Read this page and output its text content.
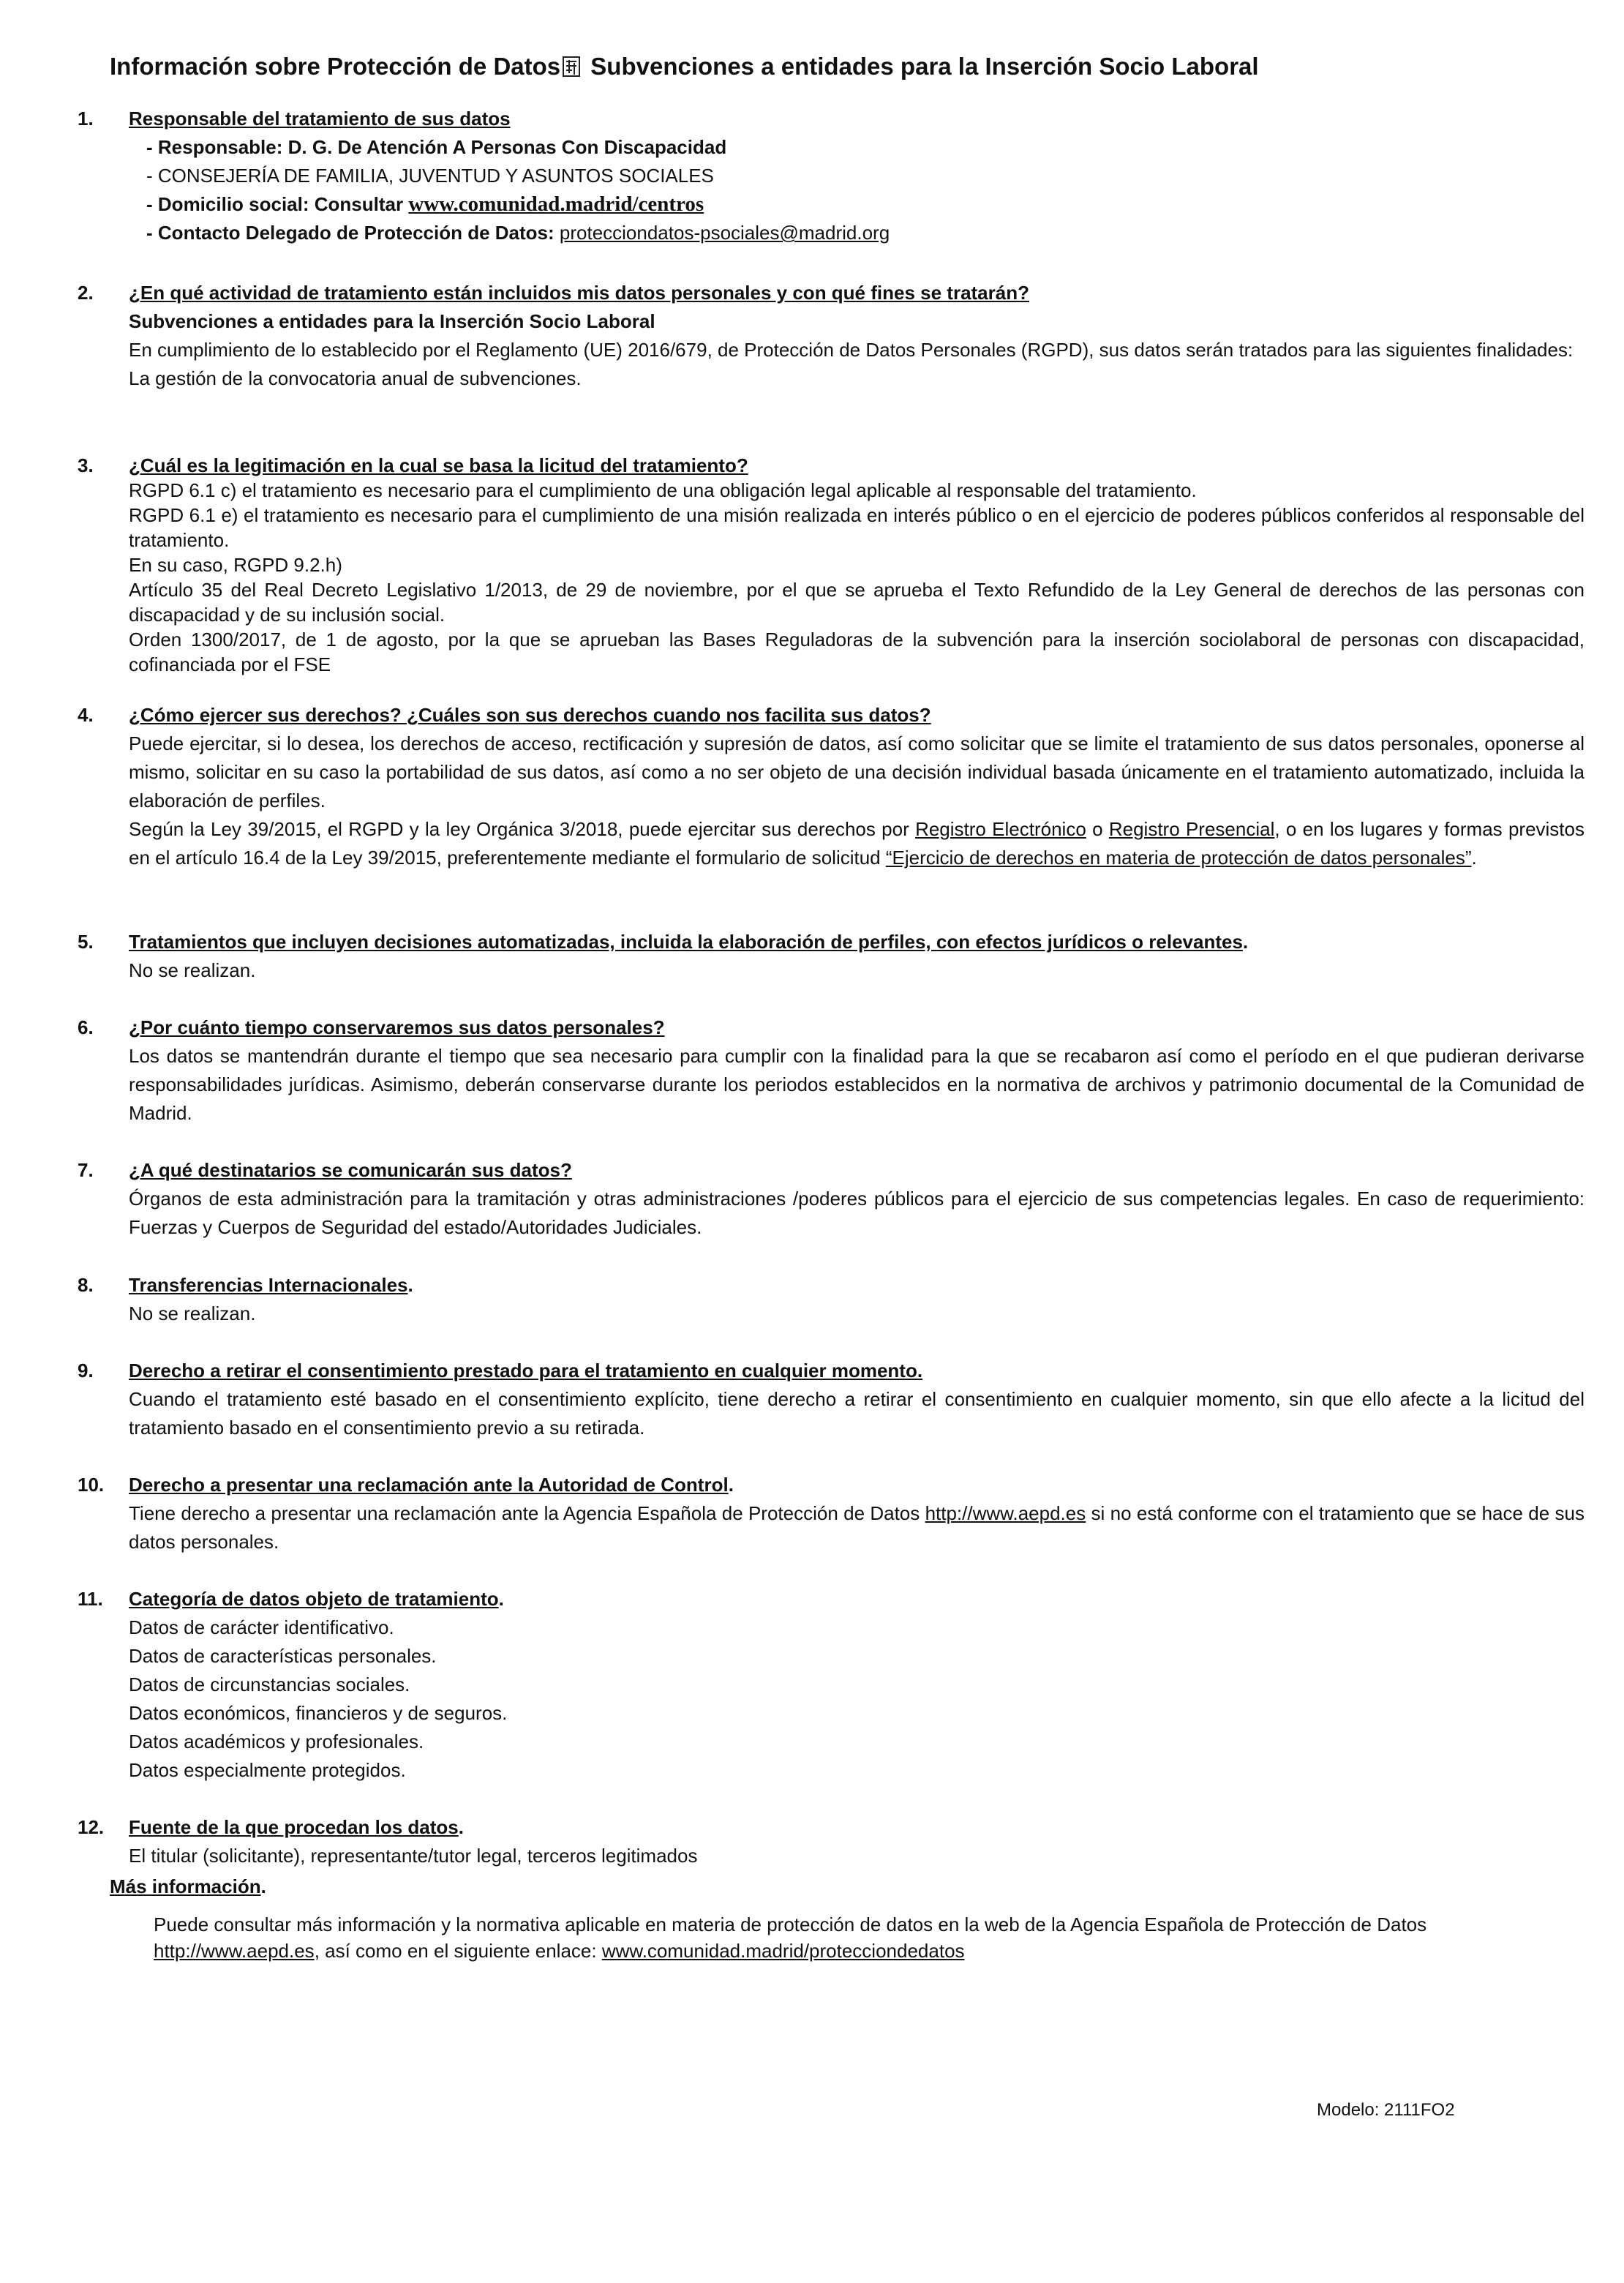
Información sobre Protección de Datos Subvenciones a entidades para la Inserción Socio Laboral
1. Responsable del tratamiento de sus datos
- Responsable: D. G. De Atención A Personas Con Discapacidad
- CONSEJERÍA DE FAMILIA, JUVENTUD Y ASUNTOS SOCIALES
- Domicilio social: Consultar www.comunidad.madrid/centros
- Contacto Delegado de Protección de Datos: protecciondatos-psociales@madrid.org
2. ¿En qué actividad de tratamiento están incluidos mis datos personales y con qué fines se tratarán?
Subvenciones a entidades para la Inserción Socio Laboral
En cumplimiento de lo establecido por el Reglamento (UE) 2016/679, de Protección de Datos Personales (RGPD), sus datos serán tratados para las siguientes finalidades:
La gestión de la convocatoria anual de subvenciones.
3. ¿Cuál es la legitimación en la cual se basa la licitud del tratamiento?
RGPD 6.1 c) el tratamiento es necesario para el cumplimiento de una obligación legal aplicable al responsable del tratamiento.
RGPD 6.1 e) el tratamiento es necesario para el cumplimiento de una misión realizada en interés público o en el ejercicio de poderes públicos conferidos al responsable del tratamiento.
En su caso, RGPD 9.2.h)
Artículo 35 del Real Decreto Legislativo 1/2013, de 29 de noviembre, por el que se aprueba el Texto Refundido de la Ley General de derechos de las personas con discapacidad y de su inclusión social.
Orden 1300/2017, de 1 de agosto, por la que se aprueban las Bases Reguladoras de la subvención para la inserción sociolaboral de personas con discapacidad, cofinanciada por el FSE
4. ¿Cómo ejercer sus derechos? ¿Cuáles son sus derechos cuando nos facilita sus datos?
Puede ejercitar, si lo desea, los derechos de acceso, rectificación y supresión de datos, así como solicitar que se limite el tratamiento de sus datos personales, oponerse al mismo, solicitar en su caso la portabilidad de sus datos, así como a no ser objeto de una decisión individual basada únicamente en el tratamiento automatizado, incluida la elaboración de perfiles.
Según la Ley 39/2015, el RGPD y la ley Orgánica 3/2018, puede ejercitar sus derechos por Registro Electrónico o Registro Presencial, o en los lugares y formas previstos en el artículo 16.4 de la Ley 39/2015, preferentemente mediante el formulario de solicitud “Ejercicio de derechos en materia de protección de datos personales”.
5. Tratamientos que incluyen decisiones automatizadas, incluida la elaboración de perfiles, con efectos jurídicos o relevantes.
No se realizan.
6. ¿Por cuánto tiempo conservaremos sus datos personales?
Los datos se mantendrán durante el tiempo que sea necesario para cumplir con la finalidad para la que se recabaron así como el período en el que pudieran derivarse responsabilidades jurídicas. Asimismo, deberán conservarse durante los periodos establecidos en la normativa de archivos y patrimonio documental de la Comunidad de Madrid.
7. ¿A qué destinatarios se comunicarán sus datos?
Órganos de esta administración para la tramitación y otras administraciones /poderes públicos para el ejercicio de sus competencias legales. En caso de requerimiento: Fuerzas y Cuerpos de Seguridad del estado/Autoridades Judiciales.
8. Transferencias Internacionales.
No se realizan.
9. Derecho a retirar el consentimiento prestado para el tratamiento en cualquier momento.
Cuando el tratamiento esté basado en el consentimiento explícito, tiene derecho a retirar el consentimiento en cualquier momento, sin que ello afecte a la licitud del tratamiento basado en el consentimiento previo a su retirada.
10. Derecho a presentar una reclamación ante la Autoridad de Control.
Tiene derecho a presentar una reclamación ante la Agencia Española de Protección de Datos http://www.aepd.es si no está conforme con el tratamiento que se hace de sus datos personales.
11. Categoría de datos objeto de tratamiento.
Datos de carácter identificativo.
Datos de características personales.
Datos de circunstancias sociales.
Datos económicos, financieros y de seguros.
Datos académicos y profesionales.
Datos especialmente protegidos.
12. Fuente de la que procedan los datos.
El titular (solicitante), representante/tutor legal, terceros legitimados
Más información.
Puede consultar más información y la normativa aplicable en materia de protección de datos en la web de la Agencia Española de Protección de Datos http://www.aepd.es, así como en el siguiente enlace: www.comunidad.madrid/protecciondedatos
Modelo: 2111FO2
